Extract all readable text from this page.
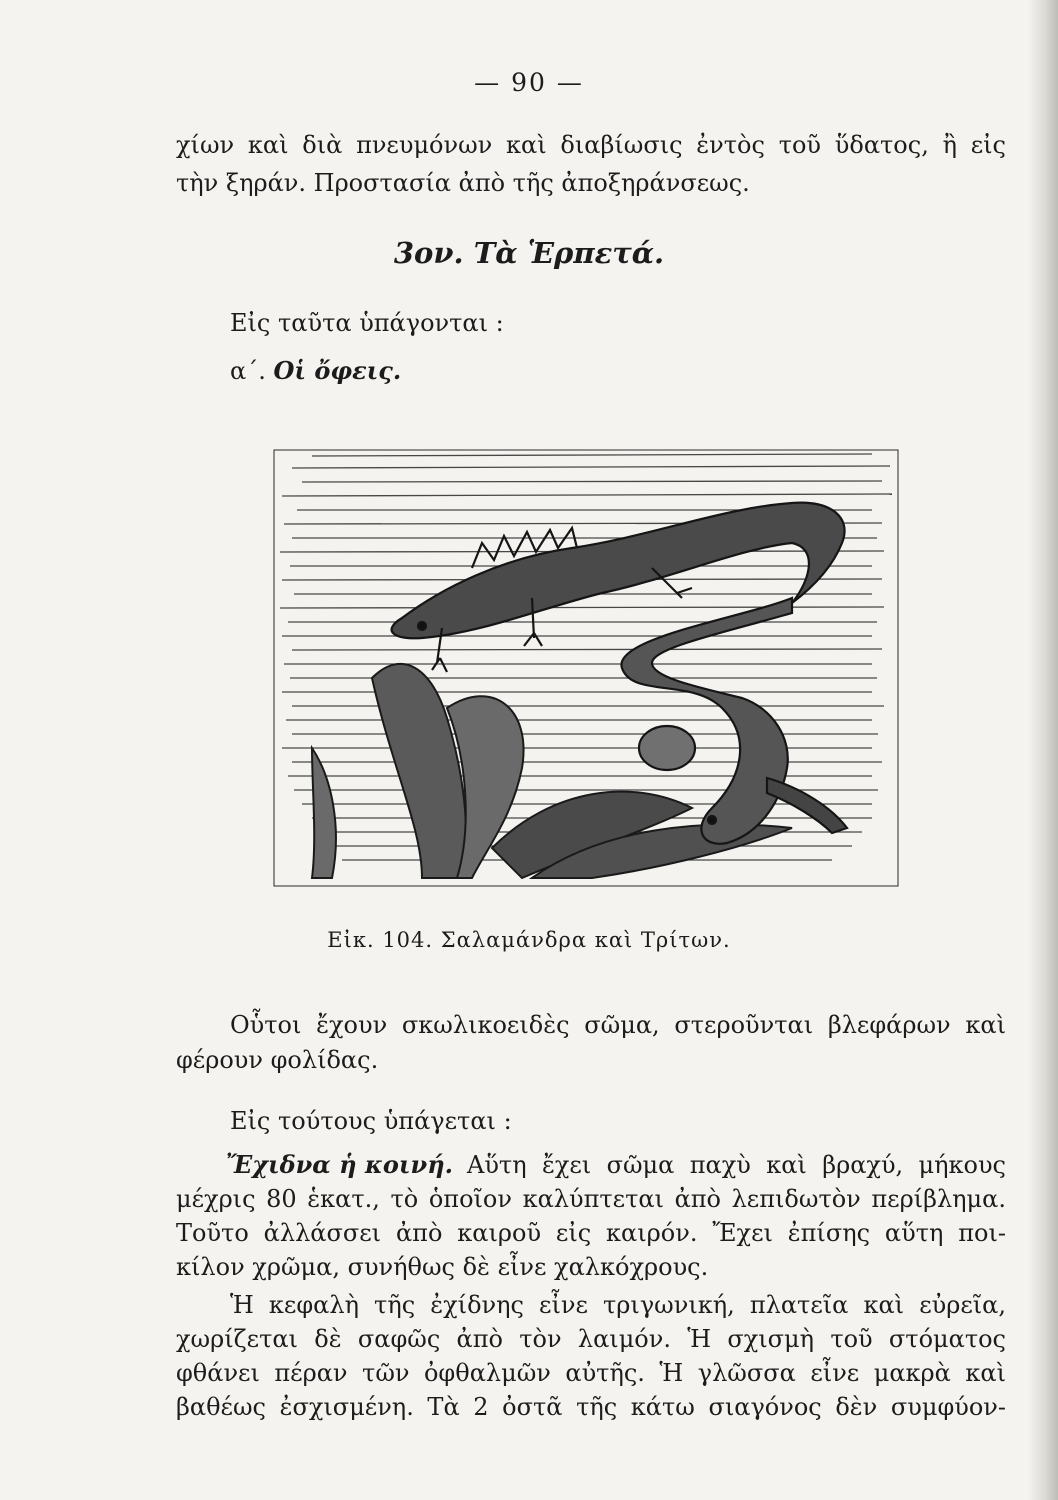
— 90 —
χίων καὶ διὰ πνευμόνων καὶ διαβίωσις ἐντὸς τοῦ ὕδατος, ἢ εἰς
τὴν ξηράν. Προστασία ἀπὸ τῆς ἀποξηράνσεως.
3ον. Τὰ Ἑρπετά.
Εἰς ταῦτα ὑπάγονται :
α΄. Οἱ ὄφεις.
Εἰκ. 104. Σαλαμάνδρα καὶ Τρίτων.
Οὗτοι ἔχουν σκωλικοειδὲς σῶμα, στεροῦνται βλεφάρων καὶ
φέρουν φολίδας.
Εἰς τούτους ὑπάγεται :
Ἔχιδνα ἡ κοινή. Αὕτη ἔχει σῶμα παχὺ καὶ βραχύ, μήκους
μέχρις 80 ἑκατ., τὸ ὁποῖον καλύπτεται ἀπὸ λεπιδωτὸν περίβλημα.
Τοῦτο ἀλλάσσει ἀπὸ καιροῦ εἰς καιρόν. Ἔχει ἐπίσης αὕτη ποι-
κίλον χρῶμα, συνήθως δὲ εἶνε χαλκόχρους.
Ἡ κεφαλὴ τῆς ἐχίδνης εἶνε τριγωνική, πλατεῖα καὶ εὐρεῖα,
χωρίζεται δὲ σαφῶς ἀπὸ τὸν λαιμόν. Ἡ σχισμὴ τοῦ στόματος
φθάνει πέραν τῶν ὀφθαλμῶν αὐτῆς. Ἡ γλῶσσα εἶνε μακρὰ καὶ
βαθέως ἐσχισμένη. Τὰ 2 ὀστᾶ τῆς κάτω σιαγόνος δὲν συμφύον-
